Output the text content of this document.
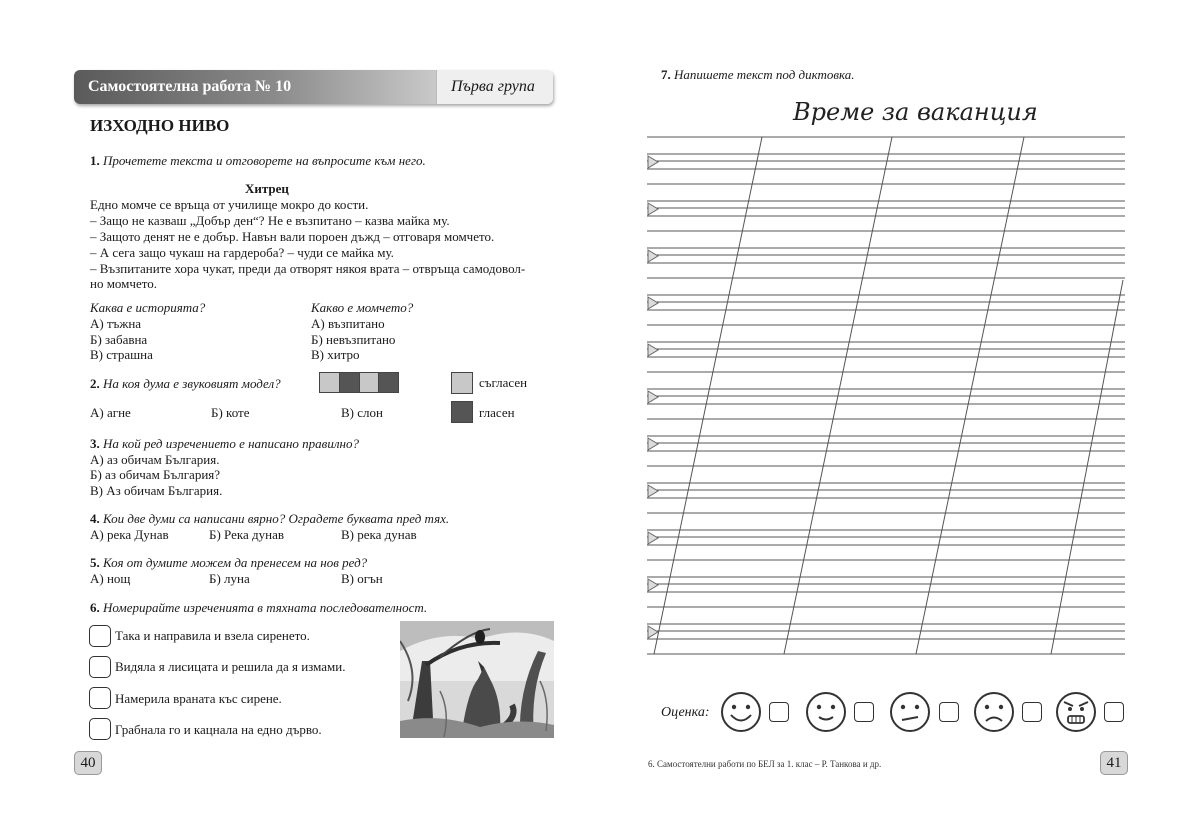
Самостоятелна работа № 10	Първа група
ИЗХОДНО НИВО
1. Прочетете текста и отговорете на въпросите към него.
Хитрец
Едно момче се връща от училище мокро до кости.
– Защо не казваш „Добър ден“? Не е възпитано – казва майка му.
– Защото денят не е добър. Навън вали пороен дъжд – отговаря момчето.
– А сега защо чукаш на гардероба? – чуди се майка му.
– Възпитаните хора чукат, преди да отворят някоя врата – отвръща самодовол-
но момчето.
Каква е историята?
А) тъжна
Б) забавна
В) страшна
Какво е момчето?
А) възпитано
Б) невъзпитано
В) хитро
2. На коя дума е звуковият модел?	съгласен
гласен
А) агне	Б) коте	В) слон
3. На кой ред изречението е написано правилно?
А) аз обичам България.
Б) аз обичам България?
В) Аз обичам България.
4. Кои две думи са написани вярно? Оградете буквата пред тях.
А) река Дунав	Б) Река дунав	В) река дунав
5. Коя от думите можем да пренесем на нов ред?
А) нощ	Б) луна	В) огън
6. Номерирайте изреченията в тяхната последователност.
Така и направила и взела сиренето.
Видяла я лисицата и решила да я измами.
Намерила враната къс сирене.
Грабнала го и кацнала на едно дърво.
40
7. Напишете текст под диктовка.
Време за ваканция
Оценка:
6. Самостоятелни работи по БЕЛ за 1. клас – Р. Танкова и др.	41
